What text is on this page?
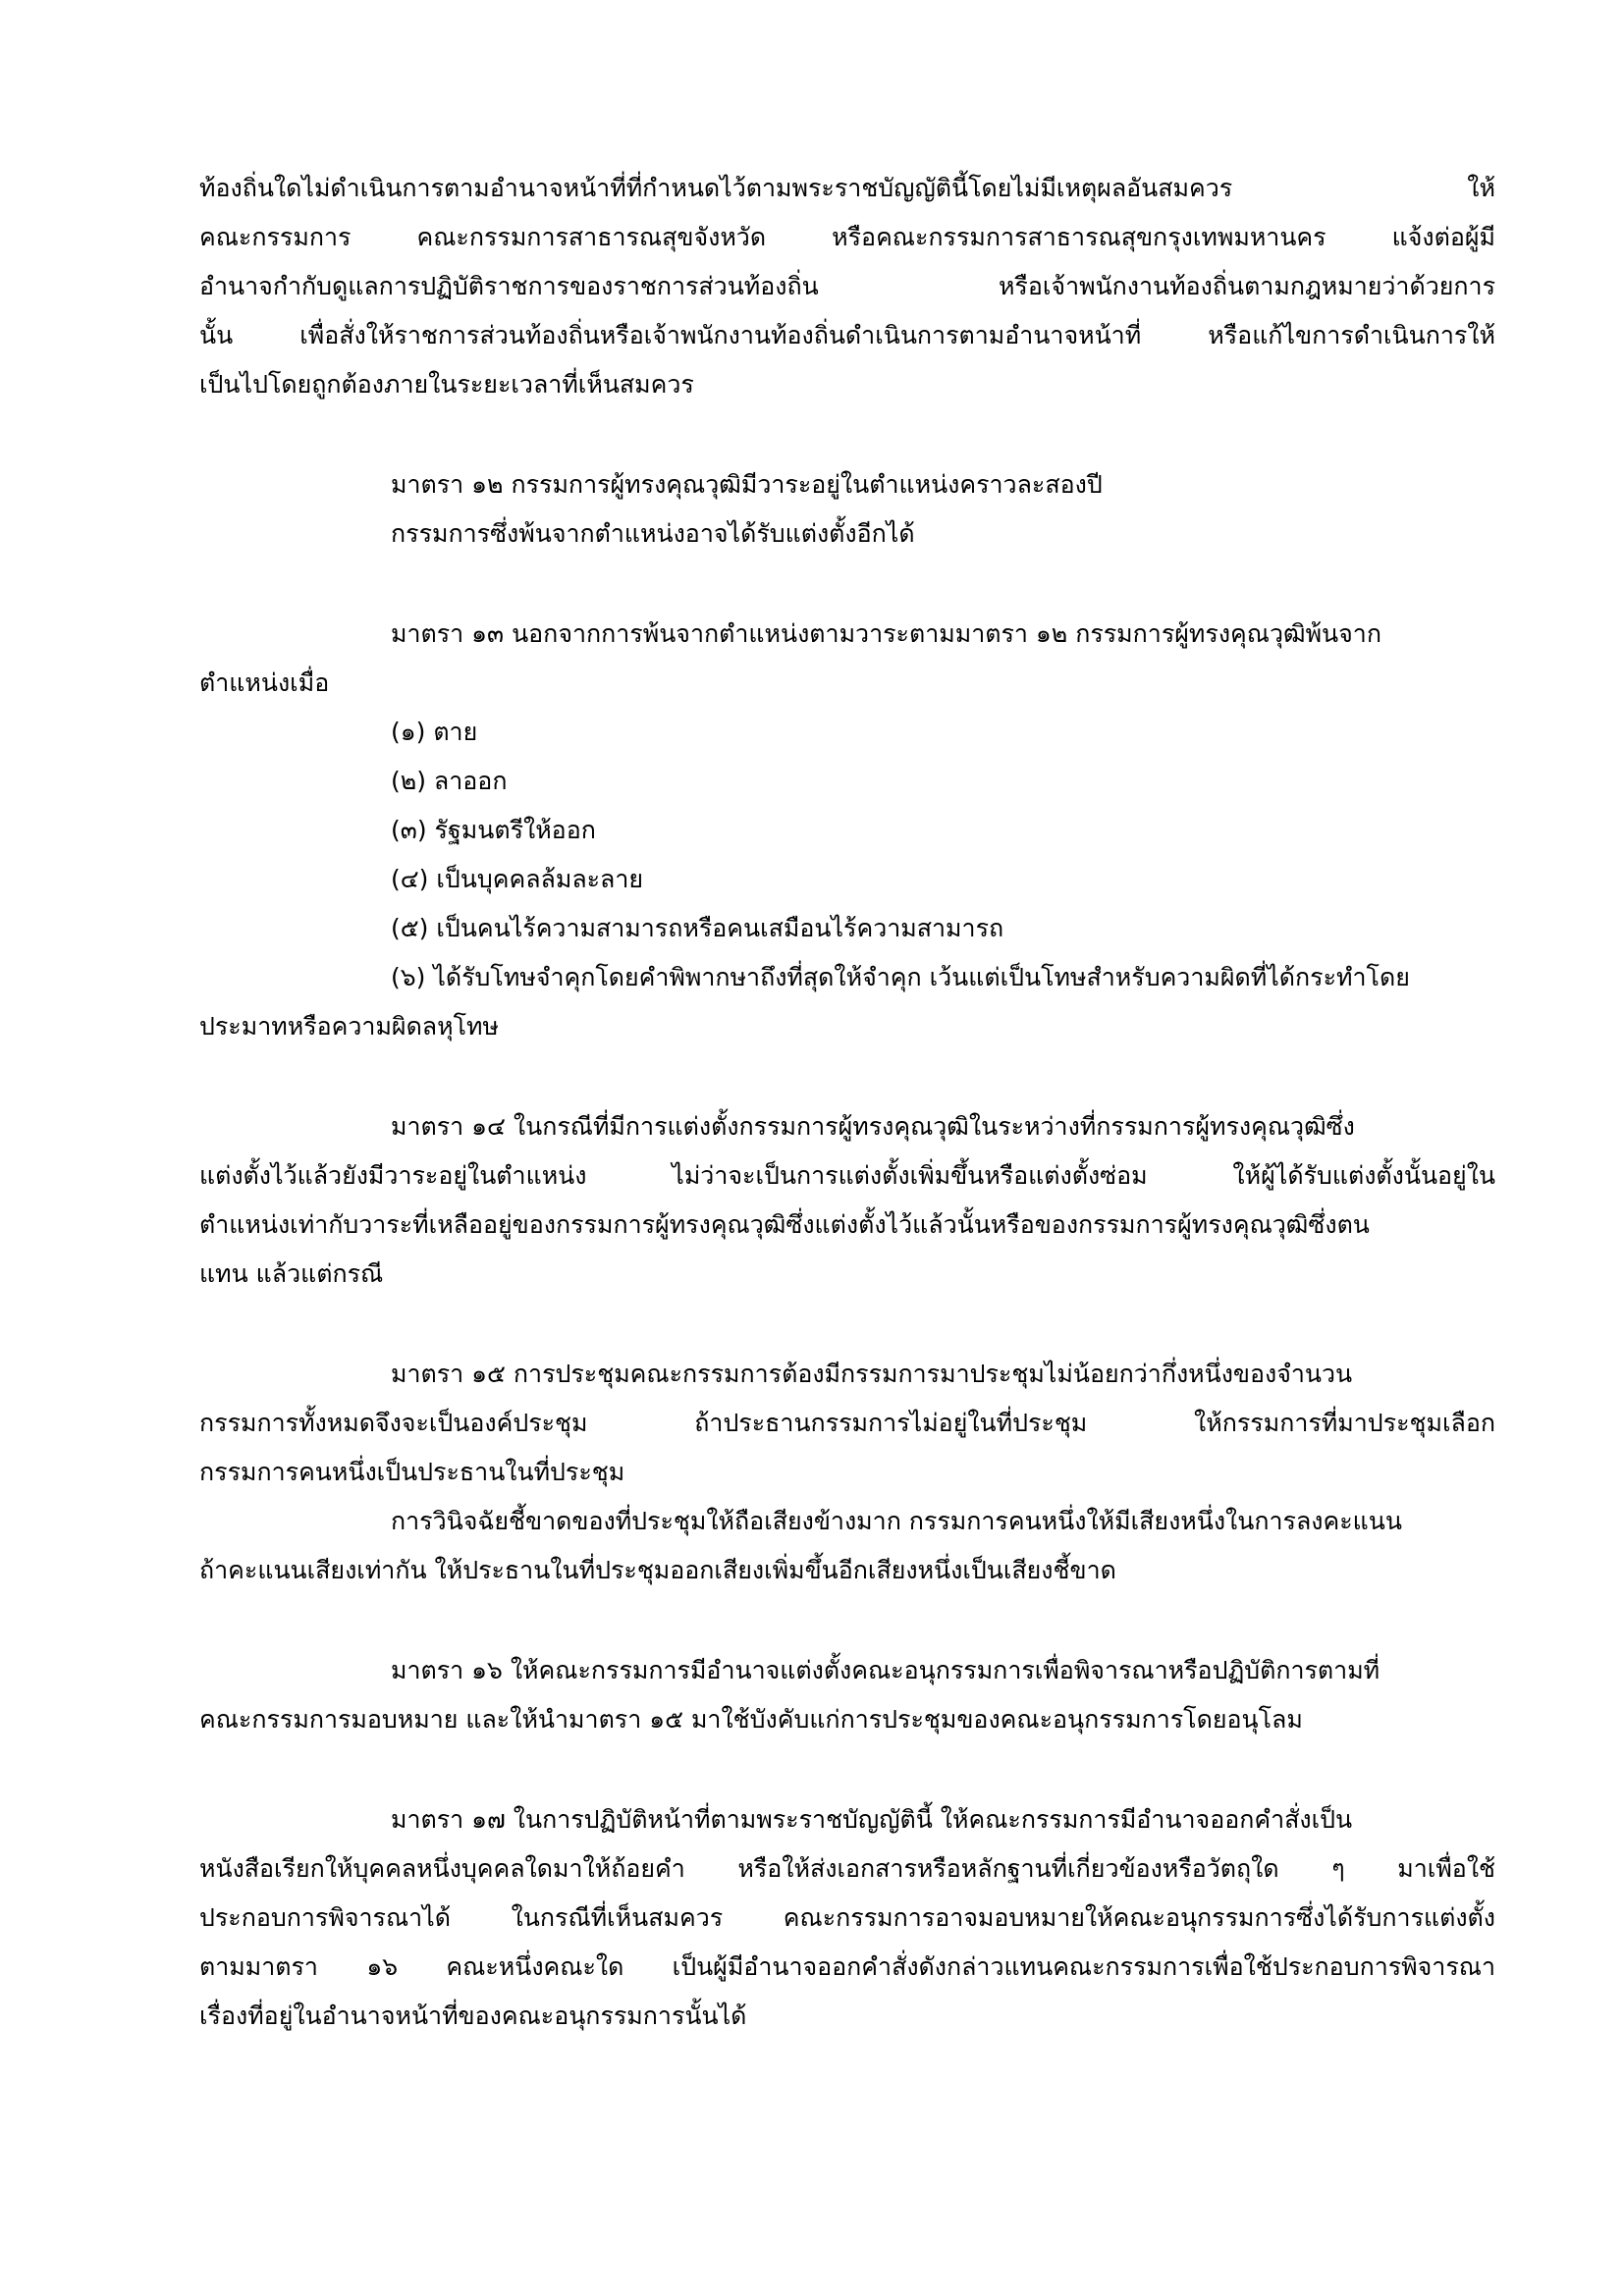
ท้องถิ่นใดไม่ดำเนินการตามอำนาจหน้าที่ที่กำหนดไว้ตามพระราชบัญญัตินี้โดยไม่มีเหตุผลอันสมควร ให้
คณะกรรมการ คณะกรรมการสาธารณสุขจังหวัด หรือคณะกรรมการสาธารณสุขกรุงเทพมหานคร แจ้งต่อผู้มี
อำนาจกำกับดูแลการปฏิบัติราชการของราชการส่วนท้องถิ่น หรือเจ้าพนักงานท้องถิ่นตามกฎหมายว่าด้วยการ
นั้น เพื่อสั่งให้ราชการส่วนท้องถิ่นหรือเจ้าพนักงานท้องถิ่นดำเนินการตามอำนาจหน้าที่ หรือแก้ไขการดำเนินการให้
เป็นไปโดยถูกต้องภายในระยะเวลาที่เห็นสมควร
มาตรา ๑๒ กรรมการผู้ทรงคุณวุฒิมีวาระอยู่ในตำแหน่งคราวละสองปี
กรรมการซึ่งพ้นจากตำแหน่งอาจได้รับแต่งตั้งอีกได้
มาตรา ๑๓ นอกจากการพ้นจากตำแหน่งตามวาระตามมาตรา ๑๒ กรรมการผู้ทรงคุณวุฒิพ้นจาก
ตำแหน่งเมื่อ
(๑) ตาย
(๒) ลาออก
(๓) รัฐมนตรีให้ออก
(๔) เป็นบุคคลล้มละลาย
(๕) เป็นคนไร้ความสามารถหรือคนเสมือนไร้ความสามารถ
(๖) ได้รับโทษจำคุกโดยคำพิพากษาถึงที่สุดให้จำคุก เว้นแต่เป็นโทษสำหรับความผิดที่ได้กระทำโดย
ประมาทหรือความผิดลหุโทษ
มาตรา ๑๔ ในกรณีที่มีการแต่งตั้งกรรมการผู้ทรงคุณวุฒิในระหว่างที่กรรมการผู้ทรงคุณวุฒิซึ่ง
แต่งตั้งไว้แล้วยังมีวาระอยู่ในตำแหน่ง ไม่ว่าจะเป็นการแต่งตั้งเพิ่มขึ้นหรือแต่งตั้งซ่อม ให้ผู้ได้รับแต่งตั้งนั้นอยู่ใน
ตำแหน่งเท่ากับวาระที่เหลืออยู่ของกรรมการผู้ทรงคุณวุฒิซึ่งแต่งตั้งไว้แล้วนั้นหรือของกรรมการผู้ทรงคุณวุฒิซึ่งตน
แทน แล้วแต่กรณี
มาตรา ๑๕ การประชุมคณะกรรมการต้องมีกรรมการมาประชุมไม่น้อยกว่ากึ่งหนึ่งของจำนวน
กรรมการทั้งหมดจึงจะเป็นองค์ประชุม ถ้าประธานกรรมการไม่อยู่ในที่ประชุม ให้กรรมการที่มาประชุมเลือก
กรรมการคนหนึ่งเป็นประธานในที่ประชุม
การวินิจฉัยชี้ขาดของที่ประชุมให้ถือเสียงข้างมาก กรรมการคนหนึ่งให้มีเสียงหนึ่งในการลงคะแนน
ถ้าคะแนนเสียงเท่ากัน ให้ประธานในที่ประชุมออกเสียงเพิ่มขึ้นอีกเสียงหนึ่งเป็นเสียงชี้ขาด
มาตรา ๑๖ ให้คณะกรรมการมีอำนาจแต่งตั้งคณะอนุกรรมการเพื่อพิจารณาหรือปฏิบัติการตามที่
คณะกรรมการมอบหมาย และให้นำมาตรา ๑๕ มาใช้บังคับแก่การประชุมของคณะอนุกรรมการโดยอนุโลม
มาตรา ๑๗ ในการปฏิบัติหน้าที่ตามพระราชบัญญัตินี้ ให้คณะกรรมการมีอำนาจออกคำสั่งเป็น
หนังสือเรียกให้บุคคลหนึ่งบุคคลใดมาให้ถ้อยคำ หรือให้ส่งเอกสารหรือหลักฐานที่เกี่ยวข้องหรือวัตถุใด ๆ มาเพื่อใช้
ประกอบการพิจารณาได้ ในกรณีที่เห็นสมควร คณะกรรมการอาจมอบหมายให้คณะอนุกรรมการซึ่งได้รับการแต่งตั้ง
ตามมาตรา ๑๖ คณะหนึ่งคณะใด เป็นผู้มีอำนาจออกคำสั่งดังกล่าวแทนคณะกรรมการเพื่อใช้ประกอบการพิจารณา
เรื่องที่อยู่ในอำนาจหน้าที่ของคณะอนุกรรมการนั้นได้
